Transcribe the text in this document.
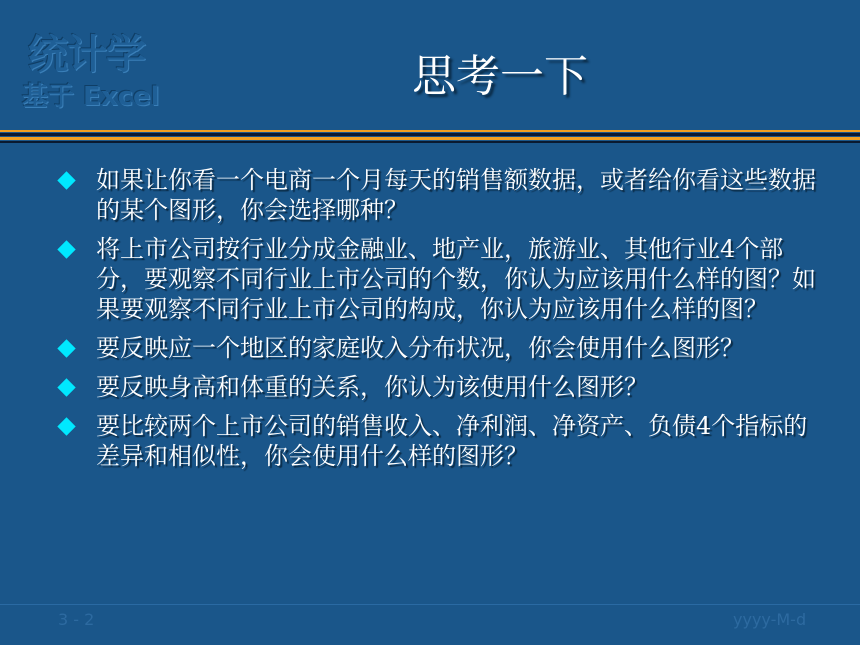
统计学
基于 Excel	思考一下
如果让你看一个电商一个月每天的销售额数据，或者给你看这些数据的某个图形，你会选择哪种？
将上市公司按行业分成金融业、地产业，旅游业、其他行业4个部分，要观察不同行业上市公司的个数，你认为应该用什么样的图？如果要观察不同行业上市公司的构成，你认为应该用什么样的图？
要反映应一个地区的家庭收入分布状况，你会使用什么图形？
要反映身高和体重的关系，你认为该使用什么图形？
要比较两个上市公司的销售收入、净利润、净资产、负债4个指标的差异和相似性，你会使用什么样的图形？
3 - 2	yyyy-M-d
